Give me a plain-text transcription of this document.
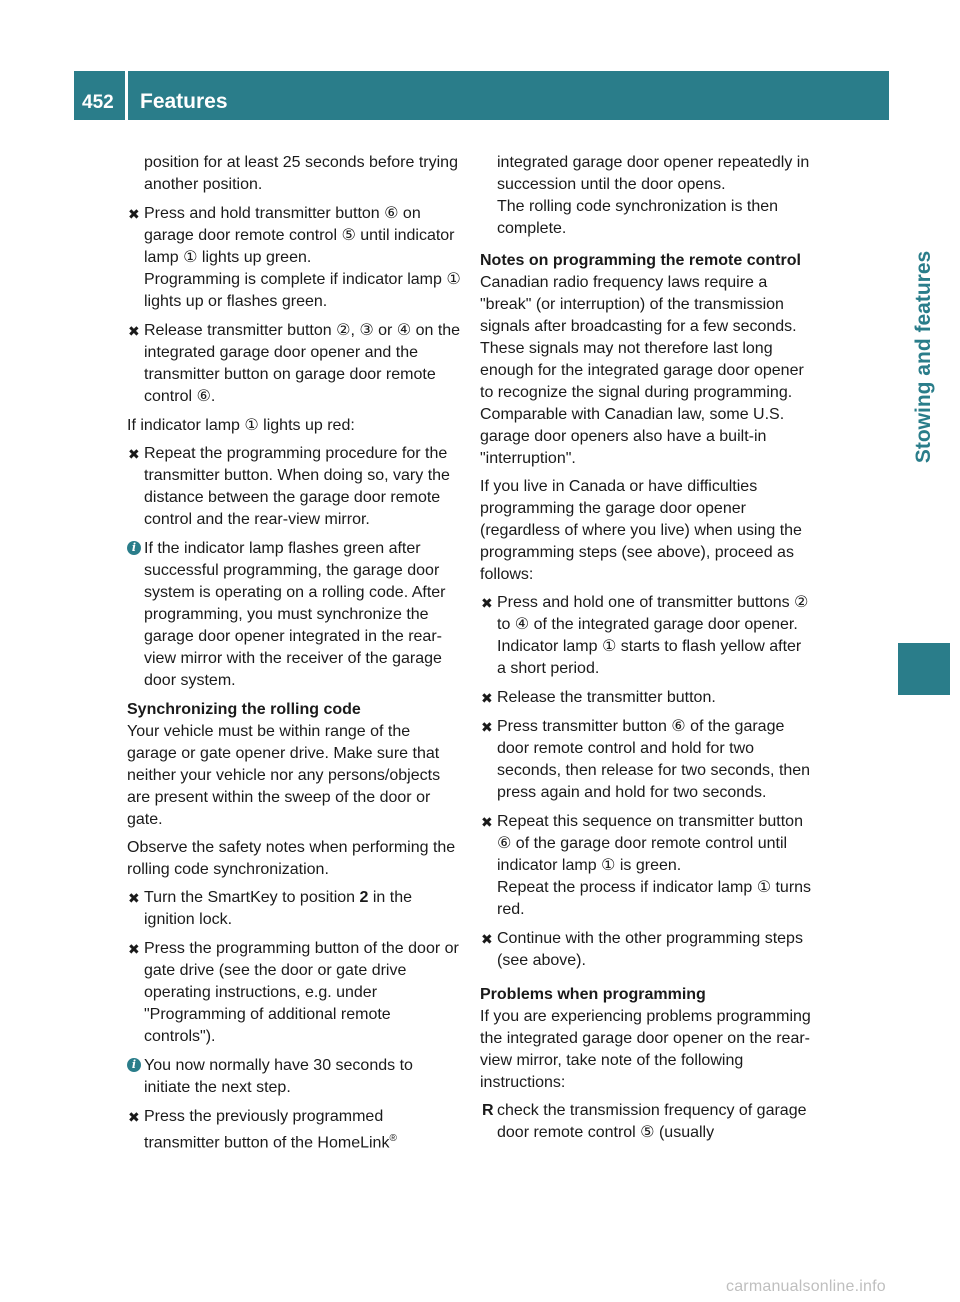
452 Features
Stowing and features

position for at least 25 seconds before trying another position.

✖ Press and hold transmitter button ⑥ on garage door remote control ⑤ until indicator lamp ① lights up green.
Programming is complete if indicator lamp ① lights up or flashes green.
✖ Release transmitter button ②, ③ or ④ on the integrated garage door opener and the transmitter button on garage door remote control ⑥.

If indicator lamp ① lights up red:

✖ Repeat the programming procedure for the transmitter button. When doing so, vary the distance between the garage door remote control and the rear-view mirror.
i If the indicator lamp flashes green after successful programming, the garage door system is operating on a rolling code. After programming, you must synchronize the garage door opener integrated in the rear-view mirror with the receiver of the garage door system.

Synchronizing the rolling code

Your vehicle must be within range of the garage or gate opener drive. Make sure that neither your vehicle nor any persons/objects are present within the sweep of the door or gate.

Observe the safety notes when performing the rolling code synchronization.

✖ Turn the SmartKey to position 2 in the ignition lock.
✖ Press the programming button of the door or gate drive (see the door or gate drive operating instructions, e.g. under "Programming of additional remote controls").
i You now normally have 30 seconds to initiate the next step.
✖ Press the previously programmed transmitter button of the HomeLink®

integrated garage door opener repeatedly in succession until the door opens.

The rolling code synchronization is then complete.

Notes on programming the remote control

Canadian radio frequency laws require a "break" (or interruption) of the transmission signals after broadcasting for a few seconds. These signals may not therefore last long enough for the integrated garage door opener to recognize the signal during programming. Comparable with Canadian law, some U.S. garage door openers also have a built-in "interruption".

If you live in Canada or have difficulties programming the garage door opener (regardless of where you live) when using the programming steps (see above), proceed as follows:

✖ Press and hold one of transmitter buttons ② to ④ of the integrated garage door opener.
Indicator lamp ① starts to flash yellow after a short period.
✖ Release the transmitter button.
✖ Press transmitter button ⑥ of the garage door remote control and hold for two seconds, then release for two seconds, then press again and hold for two seconds.
✖ Repeat this sequence on transmitter button ⑥ of the garage door remote control until indicator lamp ① is green.
Repeat the process if indicator lamp ① turns red.
✖ Continue with the other programming steps (see above).

Problems when programming

If you are experiencing problems programming the integrated garage door opener on the rear-view mirror, take note of the following instructions:

R check the transmission frequency of garage door remote control ⑤ (usually
carmanualsonline.info
